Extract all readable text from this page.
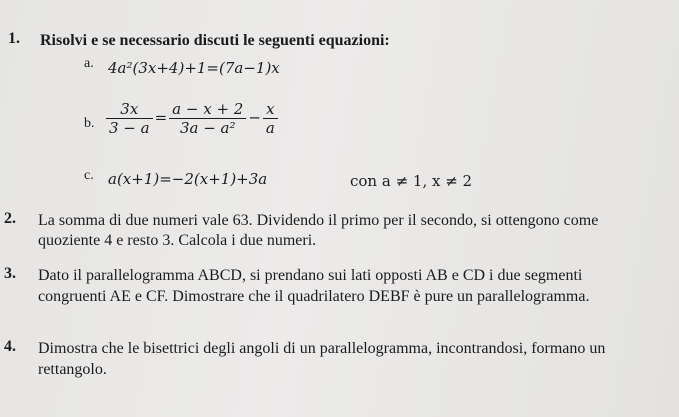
1. Risolvi e se necessario discuti le seguenti equazioni:
a. 4a²(3x+4)+1=(7a−1)x
b. $\frac{3x}{3 - a} = \frac{a - x + 2}{\text{3a − a²}} - \frac{x}{a}$
c. a(x+1)=−2(x+1)+3a	con a ≠ 1, x ≠ 2
2. La somma di due numeri vale 63. Dividendo il primo per il secondo, si ottengono come
quoziente 4 e resto 3. Calcola i due numeri.
3. Dato il parallelogramma ABCD, si prendano sui lati opposti AB e CD i due segmenti
congruenti AE e CF. Dimostrare che il quadrilatero DEBF è pure un parallelogramma.
4. Dimostra che le bisettrici degli angoli di un parallelogramma, incontrandosi, formano un
rettangolo.
